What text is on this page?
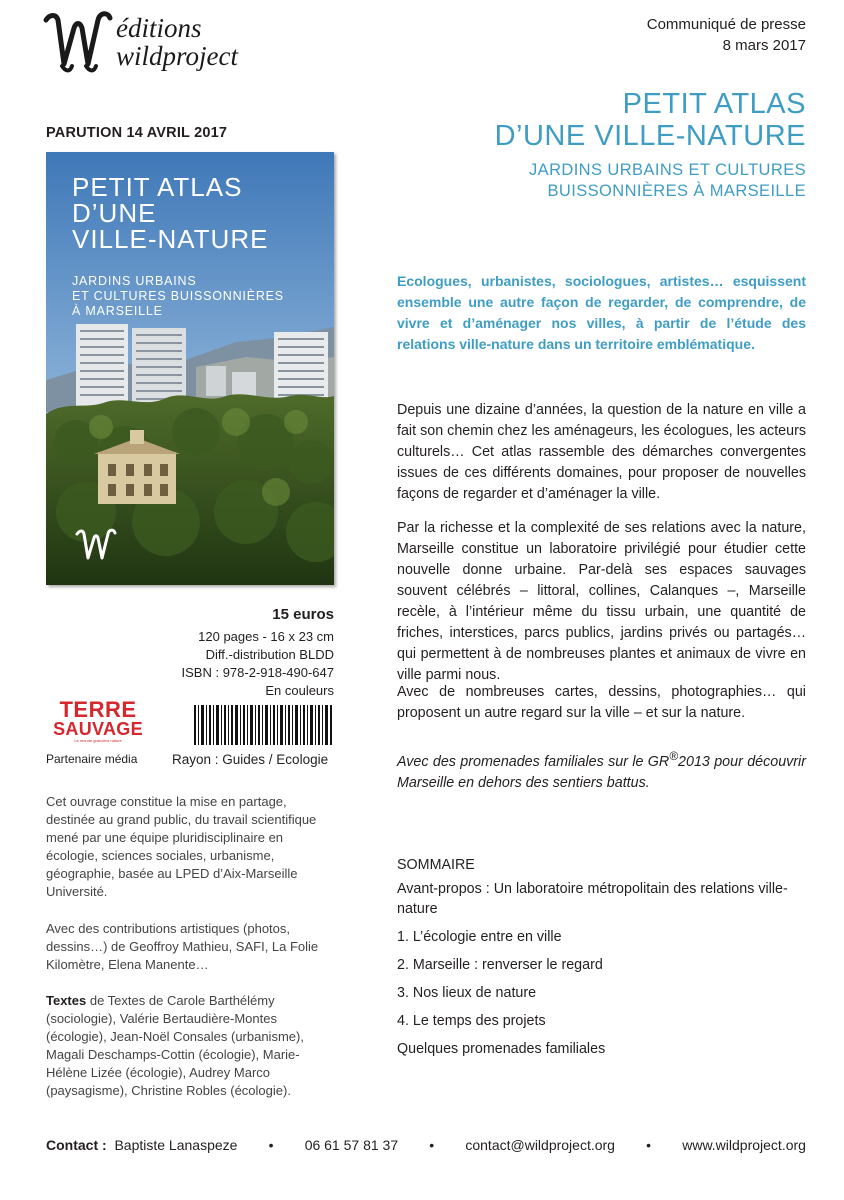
éditions
wildproject
Communiqué de presse
8 mars 2017
PETIT ATLAS
D’UNE VILLE-NATURE
JARDINS URBAINS ET CULTURES
BUISSONNIÈRES À MARSEILLE
PARUTION 14 AVRIL 2017
PETIT ATLAS
D’UNE
VILLE-NATURE
JARDINS URBAINS
ET CULTURES BUISSONNIÈRES
À MARSEILLE
15 euros
120 pages - 16 x 23 cm
Diff.-distribution BLDD
ISBN : 978-2-918-490-647
En couleurs
TERRE
SAUVAGE
Le monde grandeur nature
Partenaire média	Rayon : Guides / Ecologie

Cet ouvrage constitue la mise en partage, destinée au grand public, du travail scientifique mené par une équipe pluridisciplinaire en écologie, sciences sociales, urbanisme, géographie, basée au LPED d’Aix-Marseille Université.

Avec des contributions artistiques (photos, dessins…) de Geoffroy Mathieu, SAFI, La Folie Kilomètre, Elena Manente…

Textes de Textes de Carole Barthélémy (sociologie), Valérie Bertaudière-Montes (écologie), Jean-Noël Consales (urbanisme), Magali Deschamps-Cottin (écologie), Marie-Hélène Lizée (écologie), Audrey Marco (paysagisme), Christine Robles (écologie).

Ecologues, urbanistes, sociologues, artistes… esquissent ensemble une autre façon de regarder, de comprendre, de vivre et d’aménager nos villes, à partir de l’étude des relations ville-nature dans un territoire emblématique.

Depuis une dizaine d’années, la question de la nature en ville a fait son chemin chez les aménageurs, les écologues, les acteurs culturels… Cet atlas rassemble des démarches convergentes issues de ces différents domaines, pour proposer de nouvelles façons de regarder et d’aménager la ville.

Par la richesse et la complexité de ses relations avec la nature, Marseille constitue un laboratoire privilégié pour étudier cette nouvelle donne urbaine. Par-delà ses espaces sauvages souvent célébrés – littoral, collines, Calanques –, Marseille recèle, à l’intérieur même du tissu urbain, une quantité de friches, interstices, parcs publics, jardins privés ou partagés… qui permettent à de nombreuses plantes et animaux de vivre en ville parmi nous.

Avec de nombreuses cartes, dessins, photographies… qui proposent un autre regard sur la ville – et sur la nature.

Avec des promenades familiales sur le GR®2013 pour découvrir Marseille en dehors des sentiers battus.

SOMMAIRE
Avant-propos : Un laboratoire métropolitain des relations ville-nature
1. L’écologie entre en ville
2. Marseille : renverser le regard
3. Nos lieux de nature
4. Le temps des projets
Quelques promenades familiales
Contact : Baptiste Lanaspeze • 06 61 57 81 37 • contact@wildproject.org • www.wildproject.org
